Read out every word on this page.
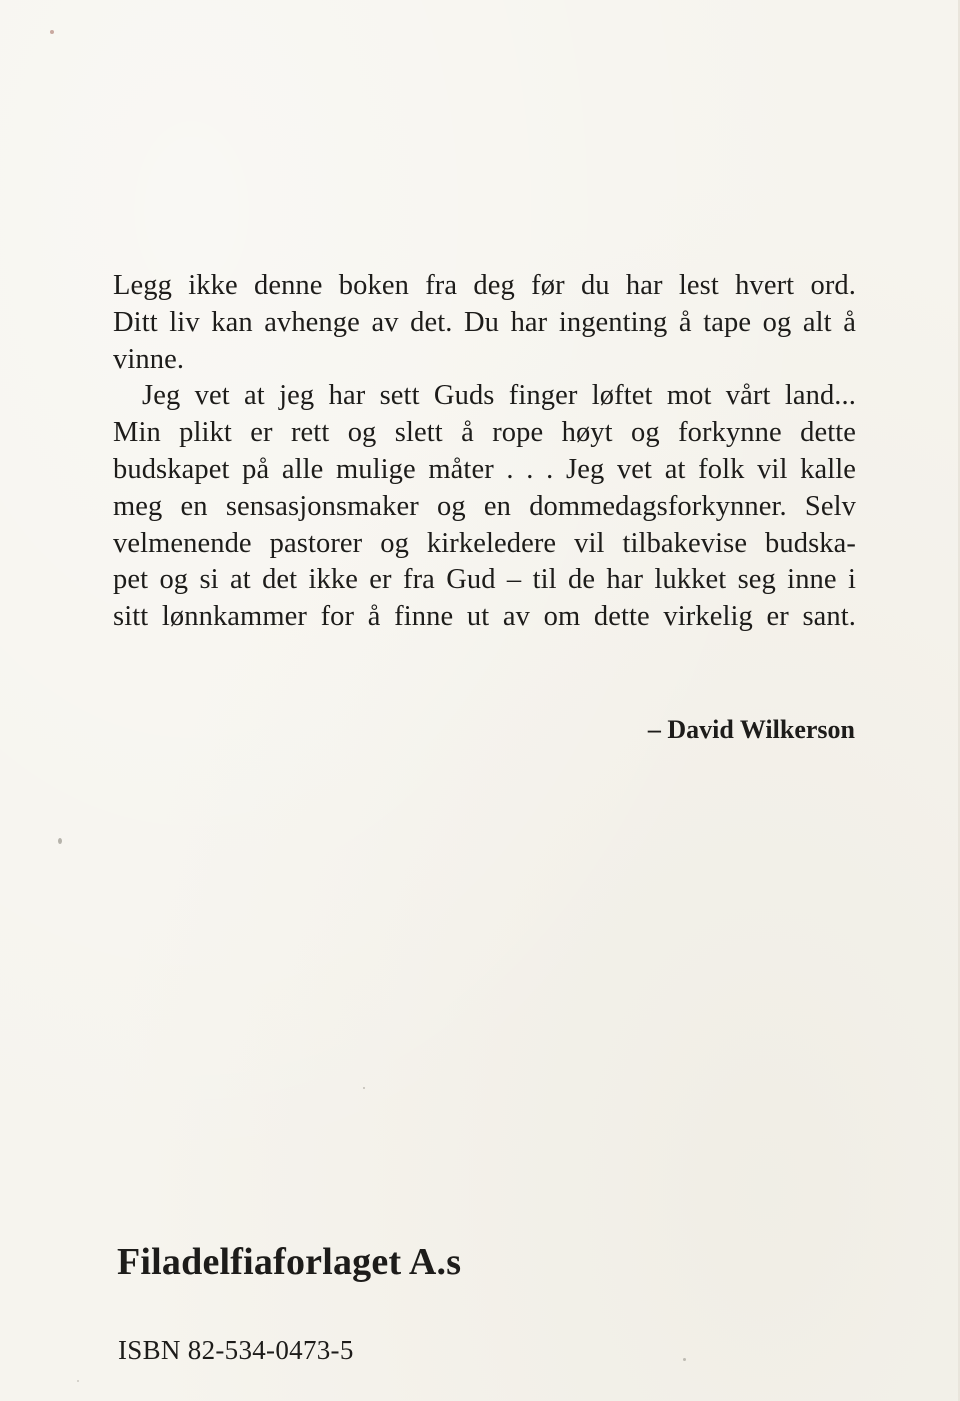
Legg ikke denne boken fra deg før du har lest hvert ord.
Ditt liv kan avhenge av det. Du har ingenting å tape og alt å
vinne.
Jeg vet at jeg har sett Guds finger løftet mot vårt land...
Min plikt er rett og slett å rope høyt og forkynne dette
budskapet på alle mulige måter . . . Jeg vet at folk vil kalle
meg en sensasjonsmaker og en dommedagsforkynner. Selv
velmenende pastorer og kirkeledere vil tilbakevise budska-
pet og si at det ikke er fra Gud – til de har lukket seg inne i
sitt lønnkammer for å finne ut av om dette virkelig er sant.

– David Wilkerson

Filadelfiaforlaget A.s

ISBN 82-534-0473-5
